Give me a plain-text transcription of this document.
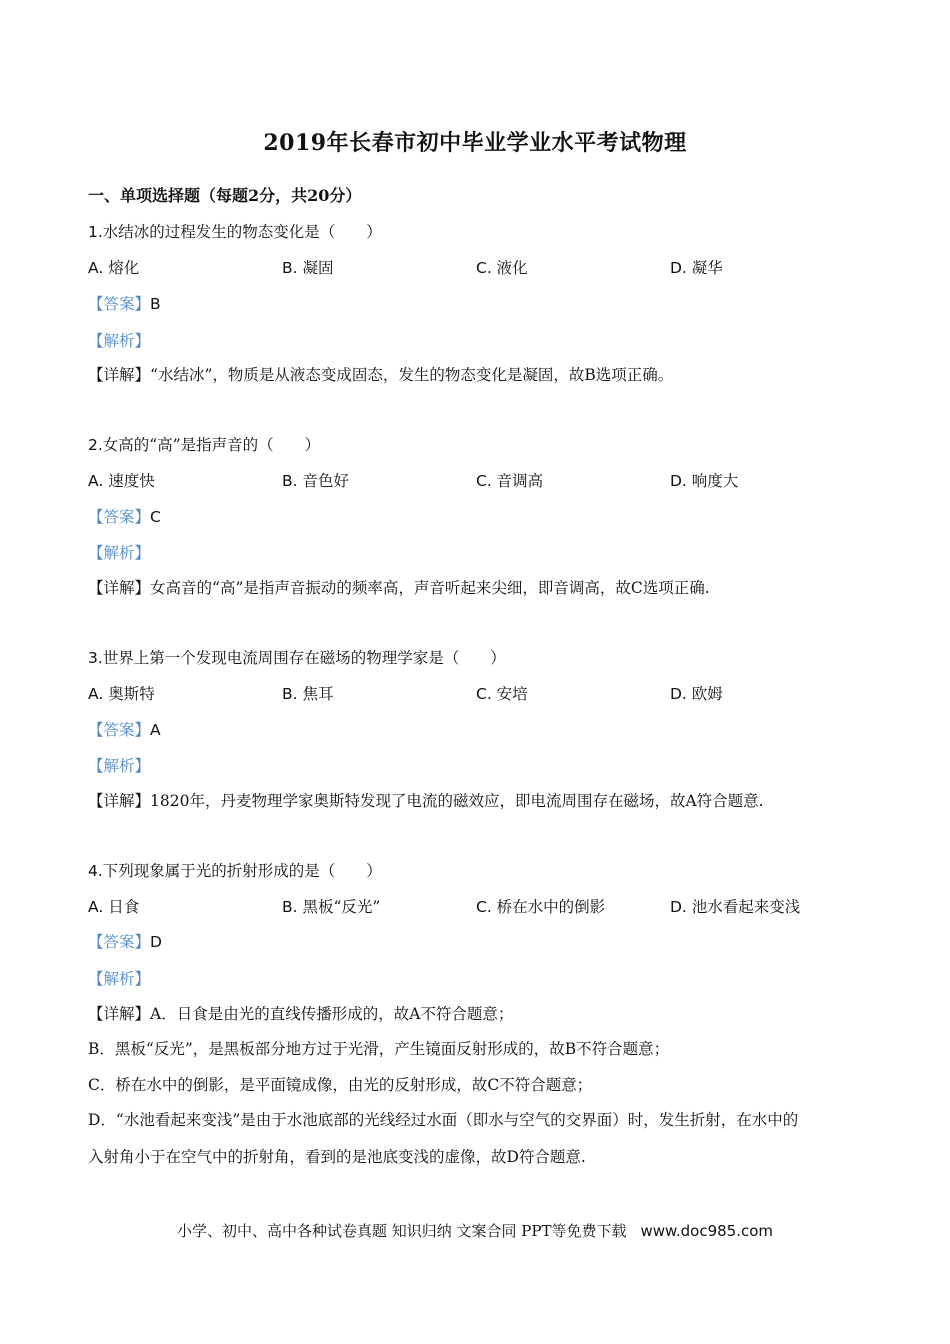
2019年长春市初中毕业学业水平考试物理
一、单项选择题（每题2分，共20分）
1.水结冰的过程发生的物态变化是（　　）
A. 熔化	B. 凝固	C. 液化	D. 凝华
【答案】B
【解析】
【详解】“水结冰”，物质是从液态变成固态，发生的物态变化是凝固，故B选项正确。
2.女高的“高”是指声音的（　　）
A. 速度快	B. 音色好	C. 音调高	D. 响度大
【答案】C
【解析】
【详解】女高音的“高”是指声音振动的频率高，声音听起来尖细，即音调高，故C选项正确.
3.世界上第一个发现电流周围存在磁场的物理学家是（　　）
A. 奥斯特	B. 焦耳	C. 安培	D. 欧姆
【答案】A
【解析】
【详解】1820年，丹麦物理学家奥斯特发现了电流的磁效应，即电流周围存在磁场，故A符合题意.
4.下列现象属于光的折射形成的是（　　）
A. 日食	B. 黑板“反光”	C. 桥在水中的倒影	D. 池水看起来变浅
【答案】D
【解析】
【详解】A．日食是由光的直线传播形成的，故A不符合题意；
B．黑板“反光”，是黑板部分地方过于光滑，产生镜面反射形成的，故B不符合题意；
C．桥在水中的倒影，是平面镜成像，由光的反射形成，故C不符合题意；
D．“水池看起来变浅”是由于水池底部的光线经过水面（即水与空气的交界面）时，发生折射，在水中的
入射角小于在空气中的折射角，看到的是池底变浅的虚像，故D符合题意.
小学、初中、高中各种试卷真题 知识归纳 文案合同 PPT等免费下载 www.doc985.com
